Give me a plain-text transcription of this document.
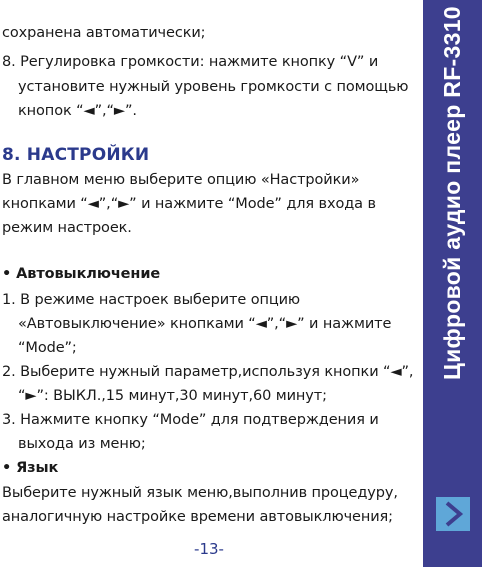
сохранена автоматически;
8. Регулировка громкости: нажмите кнопку “V” и
установите нужный уровень громкости с помощью
кнопок “◄”,“►”.
8. НАСТРОЙКИ
В главном меню выберите опцию «Настройки»
кнопками “◄”,“►” и нажмите “Mode” для входа в
режим настроек.
• Автовыключение
1. В режиме настроек выберите опцию
«Автовыключение» кнопками “◄”,“►” и нажмите
“Mode”;
2. Выберите нужный параметр,используя кнопки “◄”,
“►”: ВЫКЛ.,15 минут,30 минут,60 минут;
3. Нажмите кнопку “Mode” для подтверждения и
выхода из меню;
• Язык
Выберите нужный язык меню,выполнив процедуру,
аналогичную настройке времени автовыключения;
-13-
Цифровой аудио плеер RF-3310
